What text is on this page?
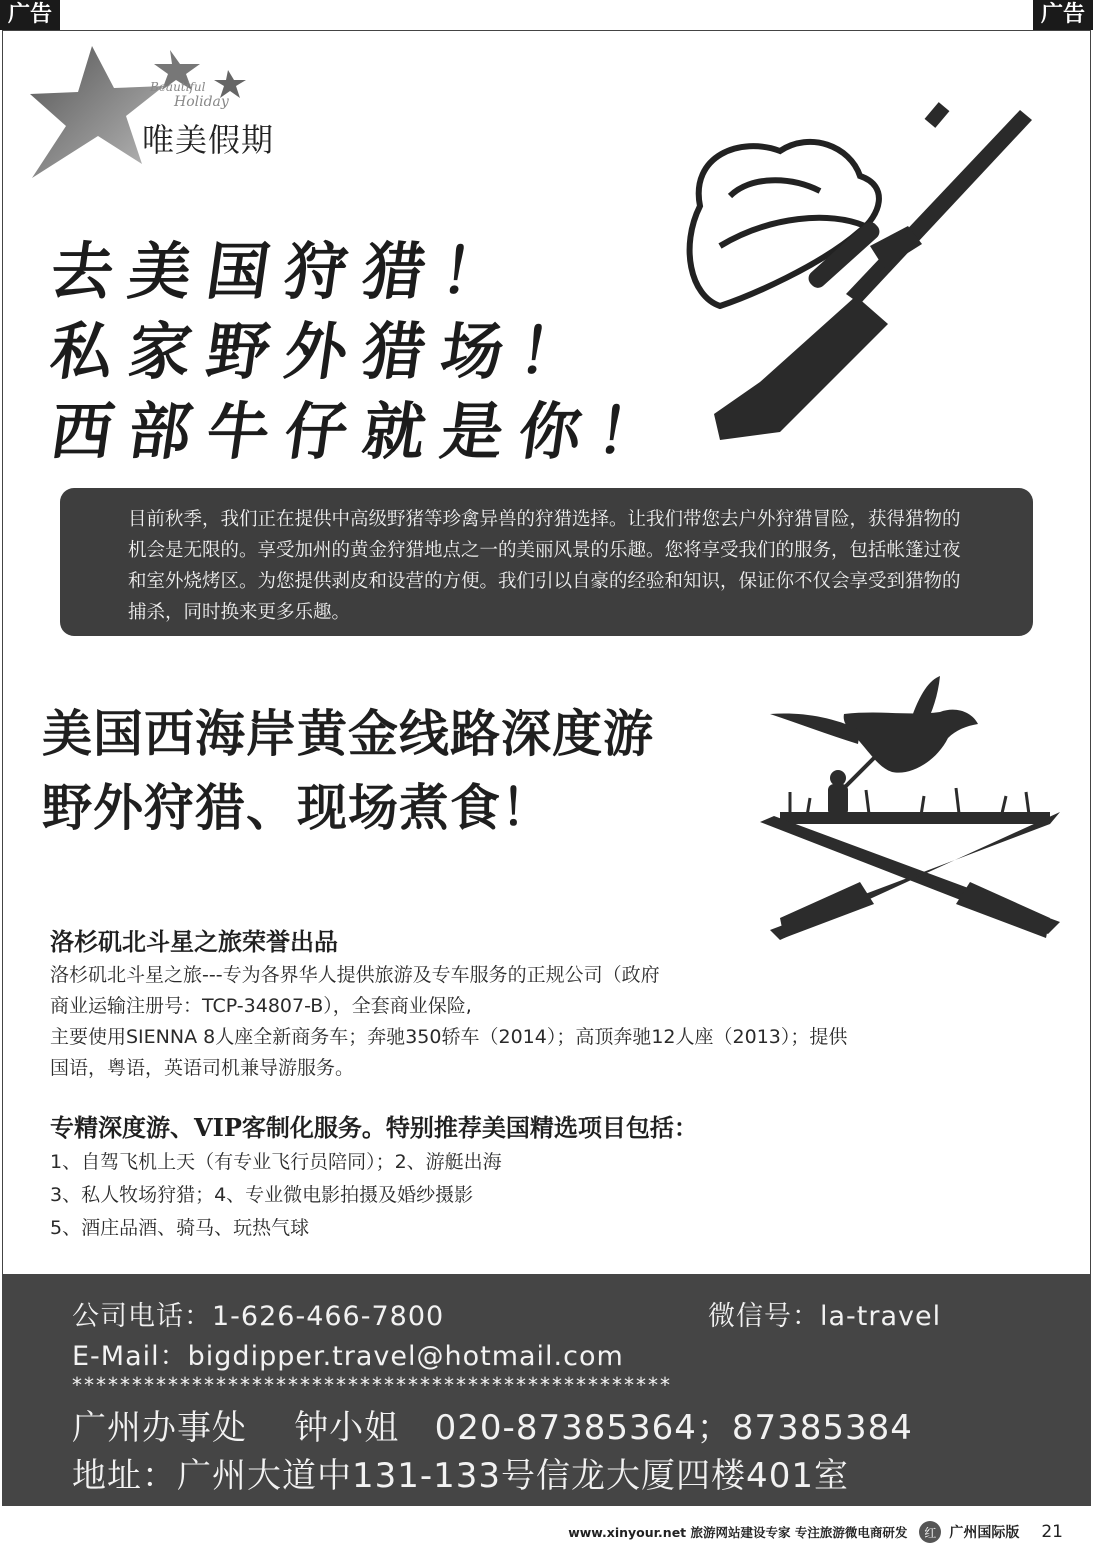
广告	广告
Beautiful
Holiday
唯美假期
去美国狩猎！
私家野外猎场！
西部牛仔就是你！

目前秋季，我们正在提供中高级野猪等珍禽异兽的狩猎选择。让我们带您去户外狩猎冒险，获得猎物的机会是无限的。享受加州的黄金狩猎地点之一的美丽风景的乐趣。您将享受我们的服务，包括帐篷过夜和室外烧烤区。为您提供剥皮和设营的方便。我们引以自豪的经验和知识，保证你不仅会享受到猎物的捕杀，同时换来更多乐趣。

美国西海岸黄金线路深度游
野外狩猎、现场煮食！
洛杉矶北斗星之旅荣誉出品
洛杉矶北斗星之旅---专为各界华人提供旅游及专车服务的正规公司（政府
商业运输注册号：TCP-34807-B），全套商业保险,
主要使用SIENNA 8人座全新商务车；奔驰350轿车（2014）；高顶奔驰12人座（2013）；提供
国语，粤语，英语司机兼导游服务。
专精深度游、VIP客制化服务。特别推荐美国精选项目包括：
1、自驾飞机上天（有专业飞行员陪同）；2、游艇出海
3、私人牧场狩猎；4、专业微电影拍摄及婚纱摄影
5、酒庄品酒、骑马、玩热气球
公司电话：1-626-466-7800	微信号：la-travel
E-Mail：bigdipper.travel@hotmail.com
**************************************************
广州办事处    钟小姐   020-87385364；87385384
地址：广州大道中131-133号信龙大厦四楼401室
www.xinyour.net 旅游网站建设专家 专注旅游微电商研发	红 广州国际版 21
